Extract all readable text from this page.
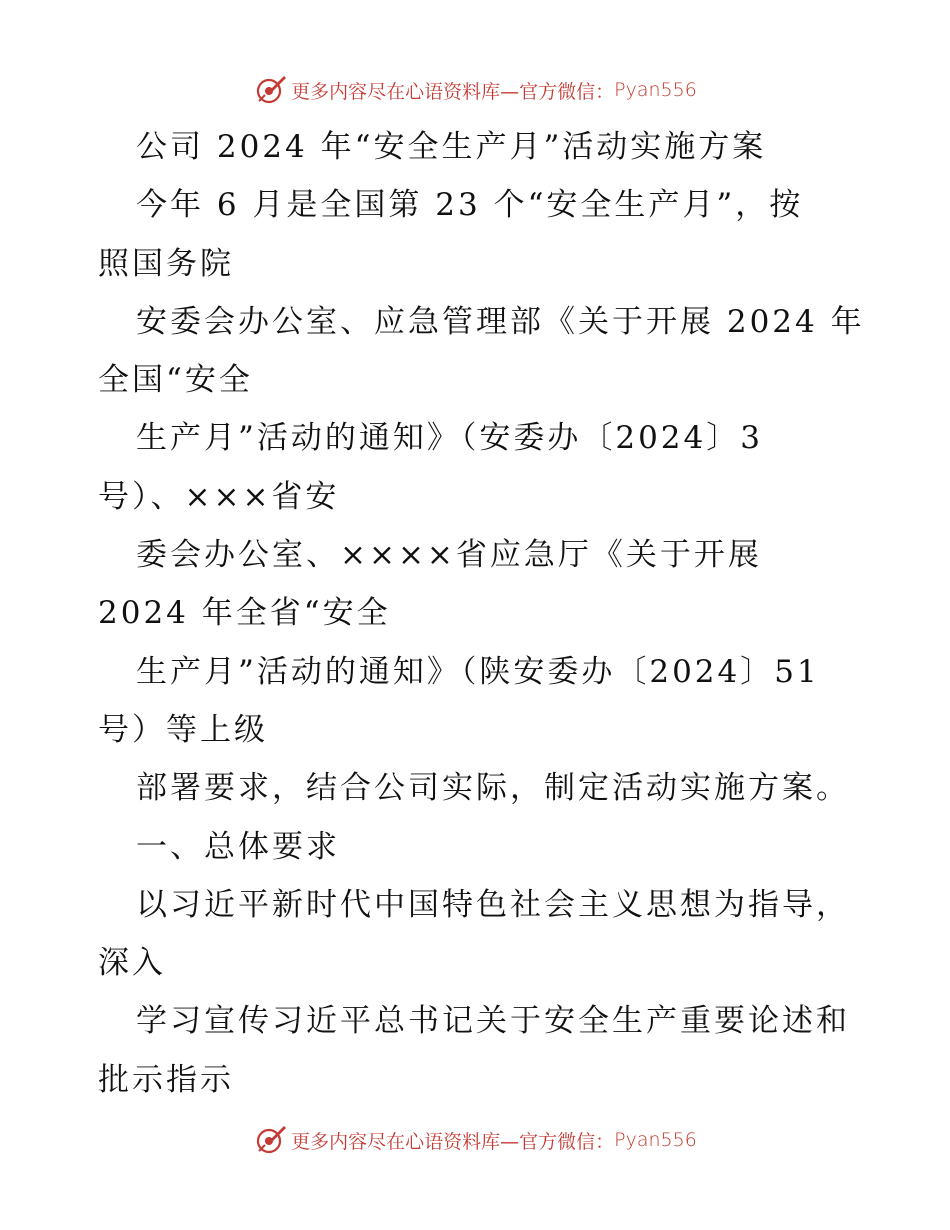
更多内容尽在心语资料库—官方微信： Pyan556
公司 2024 年“安全生产月”活动实施方案
今年 6 月是全国第 23 个“安全生产月”，按
照国务院
安委会办公室、应急管理部《关于开展 2024 年
全国“安全
生产月”活动的通知》（安委办〔2024〕3
号）、×××省安
委会办公室、××××省应急厅《关于开展
2024 年全省“安全
生产月”活动的通知》（陕安委办〔2024〕51
号）等上级
部署要求，结合公司实际，制定活动实施方案。
一、总体要求
以习近平新时代中国特色社会主义思想为指导，
深入
学习宣传习近平总书记关于安全生产重要论述和
批示指示
更多内容尽在心语资料库—官方微信： Pyan556
